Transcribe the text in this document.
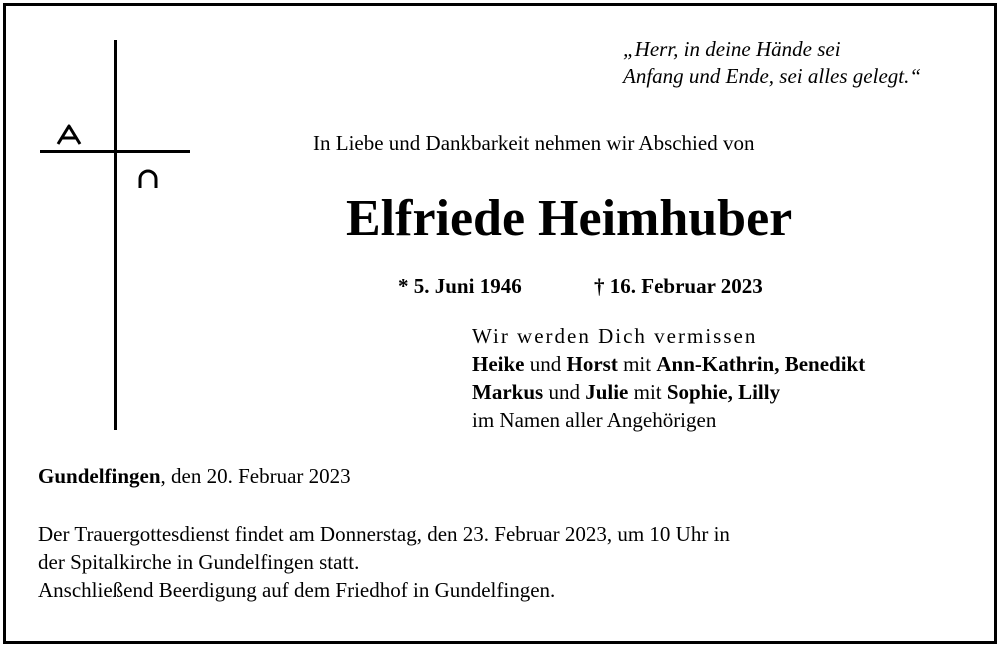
„Herr, in deine Hände sei
Anfang und Ende, sei alles gelegt.“
In Liebe und Dankbarkeit nehmen wir Abschied von
Elfriede Heimhuber
* 5. Juni 1946	† 16. Februar 2023
Wir werden Dich vermissen
Heike und Horst mit Ann-Kathrin, Benedikt
Markus und Julie mit Sophie, Lilly
im Namen aller Angehörigen
Gundelfingen, den 20. Februar 2023
Der Trauergottesdienst findet am Donnerstag, den 23. Februar 2023, um 10 Uhr in
der Spitalkirche in Gundelfingen statt.
Anschließend Beerdigung auf dem Friedhof in Gundelfingen.
